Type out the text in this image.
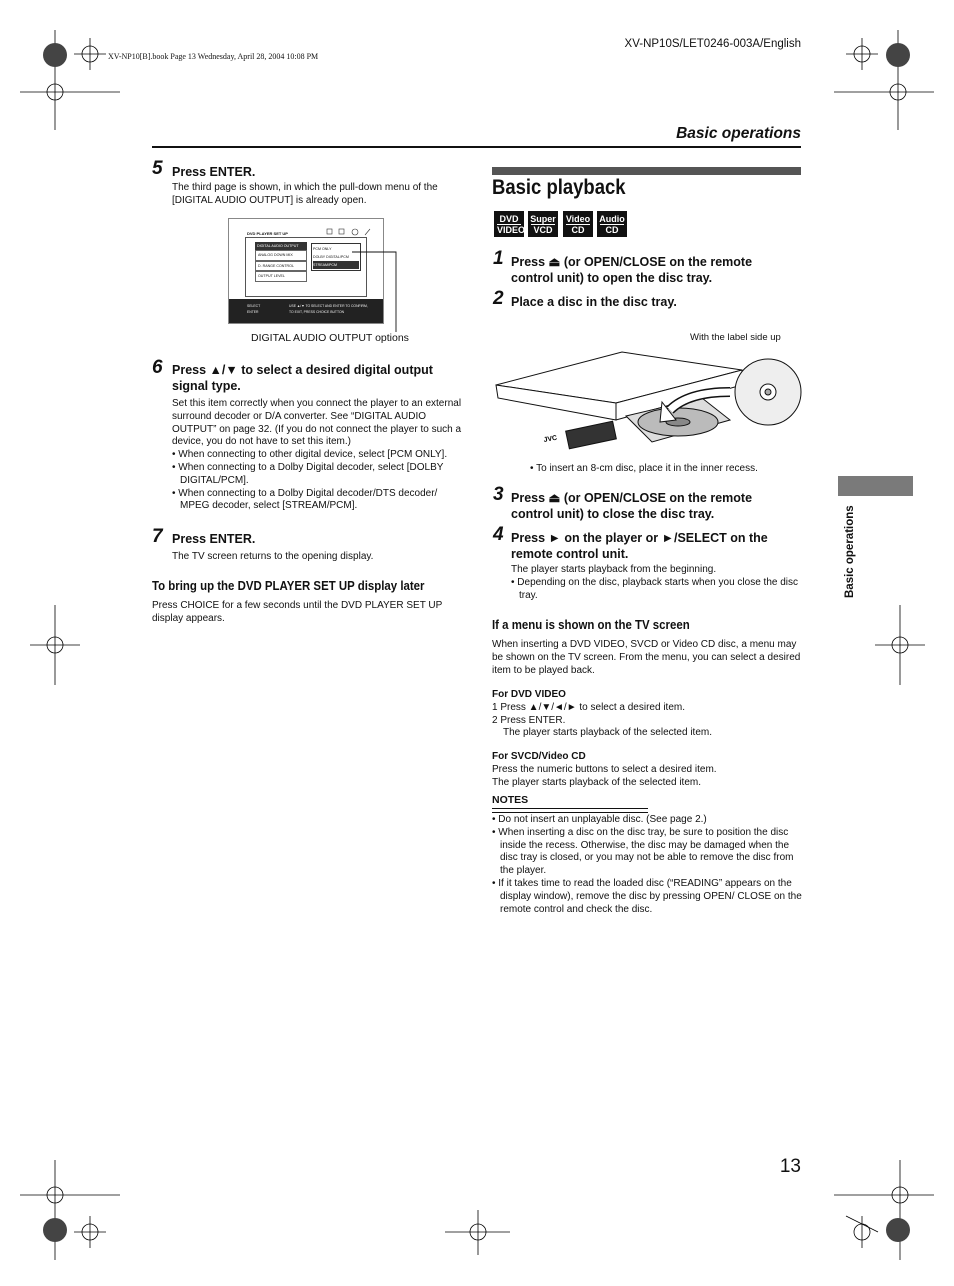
XV-NP10[B].book Page 13 Wednesday, April 28, 2004 10:08 PM
XV-NP10S/LET0246-003A/English
Basic operations
5 Press ENTER.
The third page is shown, in which the pull-down menu of the [DIGITAL AUDIO OUTPUT] is already open.
DVD PLAYER SET UP
DIGITAL AUDIO OUTPUT
ANALOG DOWN MIX
D. RANGE CONTROL
OUTPUT LEVEL
PCM ONLY
DOLBY DIGITAL/PCM
STREAM/PCM
SELECT
ENTER
USE ▲/▼ TO SELECT AND ENTER TO CONFIRM,
TO EXIT, PRESS CHOICE BUTTON
DIGITAL AUDIO OUTPUT options
6 Press ▲/▼ to select a desired digital output
signal type.
Set this item correctly when you connect the player to an external surround decoder or D/A converter. See “DIGITAL AUDIO OUTPUT” on page 32. (If you do not connect the player to such a device, you do not have to set this item.)
• When connecting to other digital device, select [PCM ONLY].
• When connecting to a Dolby Digital decoder, select [DOLBY DIGITAL/PCM].
• When connecting to a Dolby Digital decoder/DTS decoder/ MPEG decoder, select [STREAM/PCM].
7 Press ENTER.
The TV screen returns to the opening display.
To bring up the DVD PLAYER SET UP display later
Press CHOICE for a few seconds until the DVD PLAYER SET UP display appears.
Basic playback
DVD
VIDEO
Super
VCD
Video
CD
Audio
CD
1 Press ⏏ (or OPEN/CLOSE on the remote
control unit) to open the disc tray.
2 Place a disc in the disc tray.
With the label side up
JVC
• To insert an 8-cm disc, place it in the inner recess.
3 Press ⏏ (or OPEN/CLOSE on the remote
control unit) to close the disc tray.
4 Press ► on the player or ►/SELECT on the
remote control unit.
The player starts playback from the beginning.
• Depending on the disc, playback starts when you close the disc tray.
If a menu is shown on the TV screen
When inserting a DVD VIDEO, SVCD or Video CD disc, a menu may be shown on the TV screen. From the menu, you can select a desired item to be played back.
For DVD VIDEO
1 Press ▲/▼/◄/► to select a desired item.
2 Press ENTER.
The player starts playback of the selected item.
For SVCD/Video CD
Press the numeric buttons to select a desired item.
The player starts playback of the selected item.
NOTES
• Do not insert an unplayable disc. (See page 2.)
• When inserting a disc on the disc tray, be sure to position the disc inside the recess. Otherwise, the disc may be damaged when the disc tray is closed, or you may not be able to remove the disc from the player.
• If it takes time to read the loaded disc (“READING” appears on the display window), remove the disc by pressing OPEN/ CLOSE on the remote control and check the disc.
Basic operations
13
